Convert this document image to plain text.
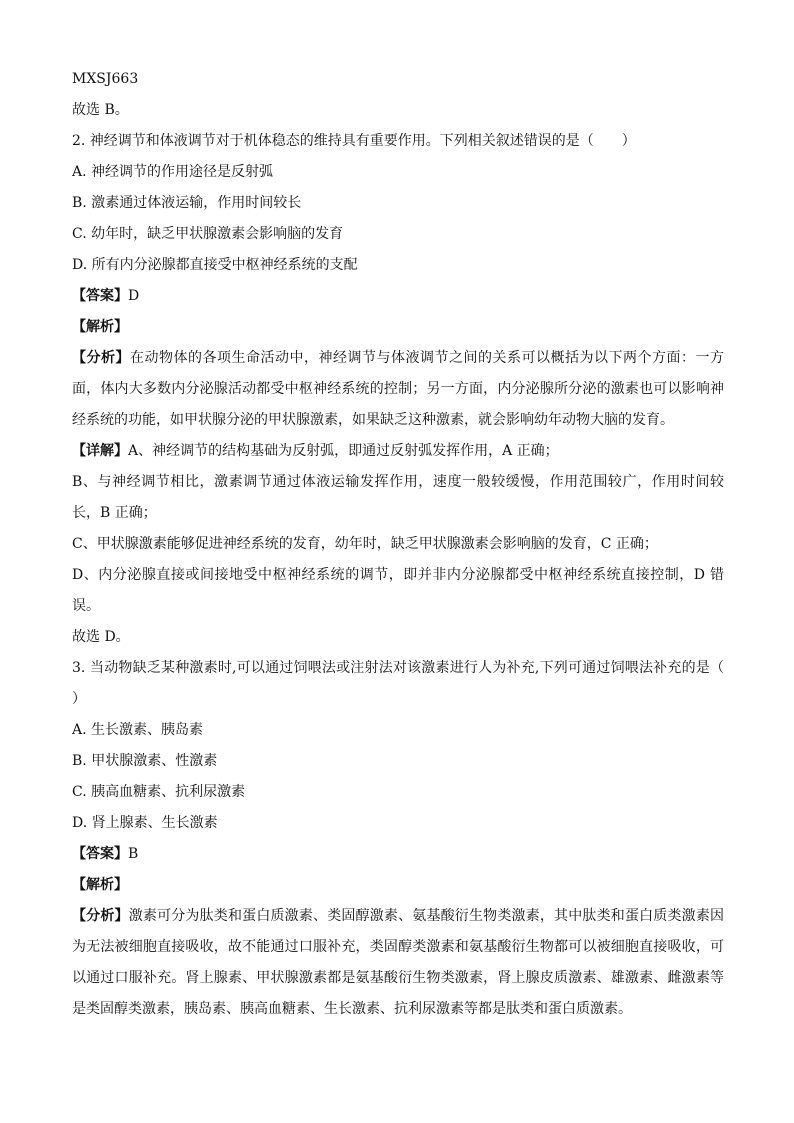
MXSJ663
故选 B。
2. 神经调节和体液调节对于机体稳态的维持具有重要作用。下列相关叙述错误的是（　　）
A. 神经调节的作用途径是反射弧
B. 激素通过体液运输，作用时间较长
C. 幼年时，缺乏甲状腺激素会影响脑的发育
D. 所有内分泌腺都直接受中枢神经系统的支配
【答案】D
【解析】
【分析】在动物体的各项生命活动中，神经调节与体液调节之间的关系可以概括为以下两个方面：一方面，体内大多数内分泌腺活动都受中枢神经系统的控制；另一方面，内分泌腺所分泌的激素也可以影响神经系统的功能，如甲状腺分泌的甲状腺激素，如果缺乏这种激素，就会影响幼年动物大脑的发育。
【详解】A、神经调节的结构基础为反射弧，即通过反射弧发挥作用，A 正确；
B、与神经调节相比，激素调节通过体液运输发挥作用，速度一般较缓慢，作用范围较广，作用时间较长，B 正确；
C、甲状腺激素能够促进神经系统的发育，幼年时，缺乏甲状腺激素会影响脑的发育，C 正确；
D、内分泌腺直接或间接地受中枢神经系统的调节，即并非内分泌腺都受中枢神经系统直接控制，D 错误。
故选 D。
3. 当动物缺乏某种激素时,可以通过饲喂法或注射法对该激素进行人为补充,下列可通过饲喂法补充的是（　　）
A. 生长激素、胰岛素
B. 甲状腺激素、性激素
C. 胰高血糖素、抗利尿激素
D. 肾上腺素、生长激素
【答案】B
【解析】
【分析】激素可分为肽类和蛋白质激素、类固醇激素、氨基酸衍生物类激素，其中肽类和蛋白质类激素因为无法被细胞直接吸收，故不能通过口服补充，类固醇类激素和氨基酸衍生物都可以被细胞直接吸收，可以通过口服补充。肾上腺素、甲状腺激素都是氨基酸衍生物类激素，肾上腺皮质激素、雄激素、雌激素等是类固醇类激素，胰岛素、胰高血糖素、生长激素、抗利尿激素等都是肽类和蛋白质激素。
